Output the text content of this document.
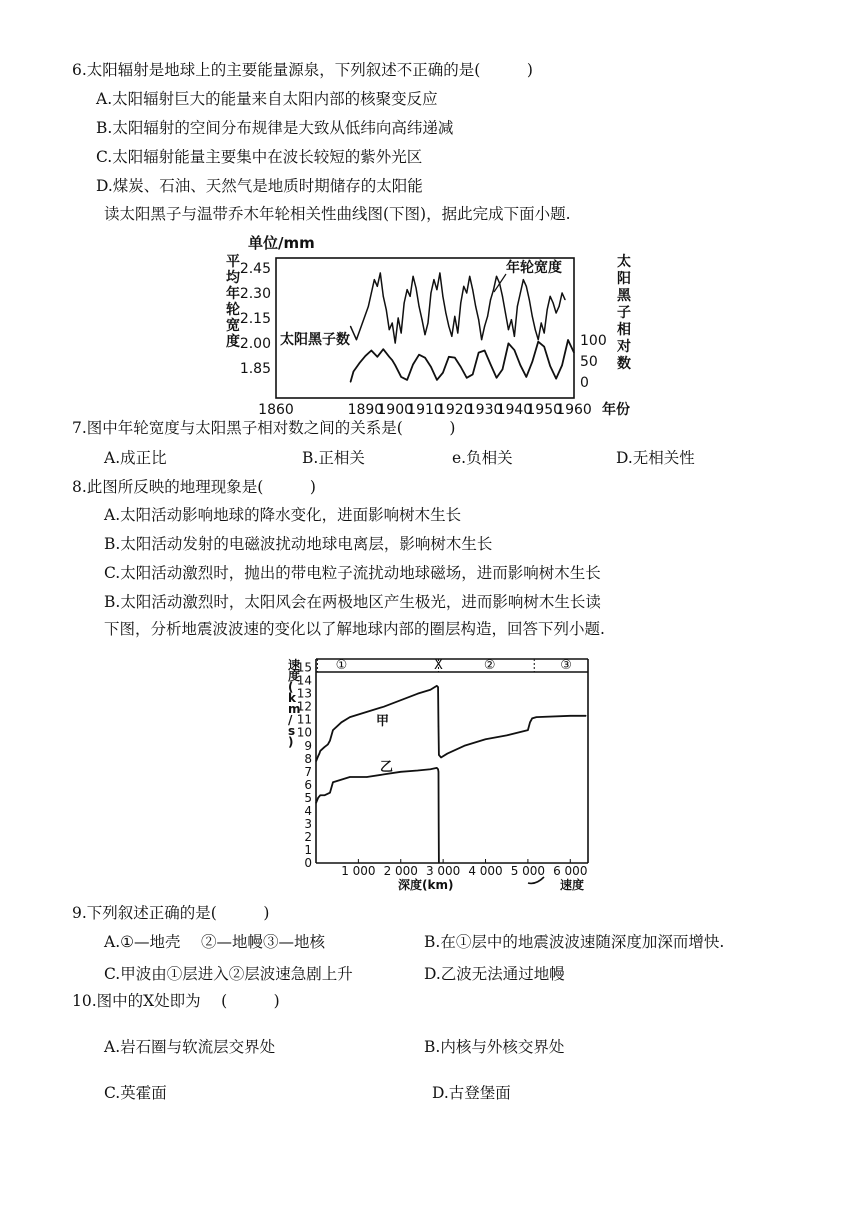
6.太阳辐射是地球上的主要能量源泉，下列叙述不正确的是(　　　)
A.太阳辐射巨大的能量来自太阳内部的核聚变反应
B.太阳辐射的空间分布规律是大致从低纬向高纬递减
C.太阳辐射能量主要集中在波长较短的紫外光区
D.煤炭、石油、天然气是地质时期储存的太阳能
读太阳黑子与温带乔木年轮相关性曲线图(下图)，据此完成下面小题.
单位/mm
平均年轮宽度
太阳黑子相对数
2.45
2.30
2.15
2.00
1.85
100
50
0
1860	1890
1900
1910
1920
1930
1940
1950
1960 年份
年轮宽度
太阳黑子数
7.图中年轮宽度与太阳黑子相对数之间的关系是(　　　)
A.成正比	B.正相关	e.负相关	D.无相关性
8.此图所反映的地理现象是(　　　)
A.太阳活动影响地球的降水变化，进面影响树木生长
B.太阳活动发射的电磁波扰动地球电离层，影响树木生长
C.太阳活动激烈时，抛出的带电粒子流扰动地球磁场，进而影响树木生长
B.太阳活动激烈时，太阳风会在两极地区产生极光，进而影响树木生长读
下图，分析地震波波速的变化以了解地球内部的圈层构造，回答下列小题.
速度( k m / s )
①	X	②	③
0
1
2
3
4
5
6
7
8
9
10
11
12
13
14
15
1 000 2 000 3 000 4 000 5 000 6 000
甲
乙
深度(km)	速度
9.下列叙述正确的是(　　　)
A.①—地壳　 ②—地幔③—地核	B.在①层中的地震波波速随深度加深而增快.
C.甲波由①层进入②层波速急剧上升	D.乙波无法通过地幔
10.图中的X处即为　 (　　　)
A.岩石圈与软流层交界处	B.内核与外核交界处
C.英霍面	D.古登堡面
